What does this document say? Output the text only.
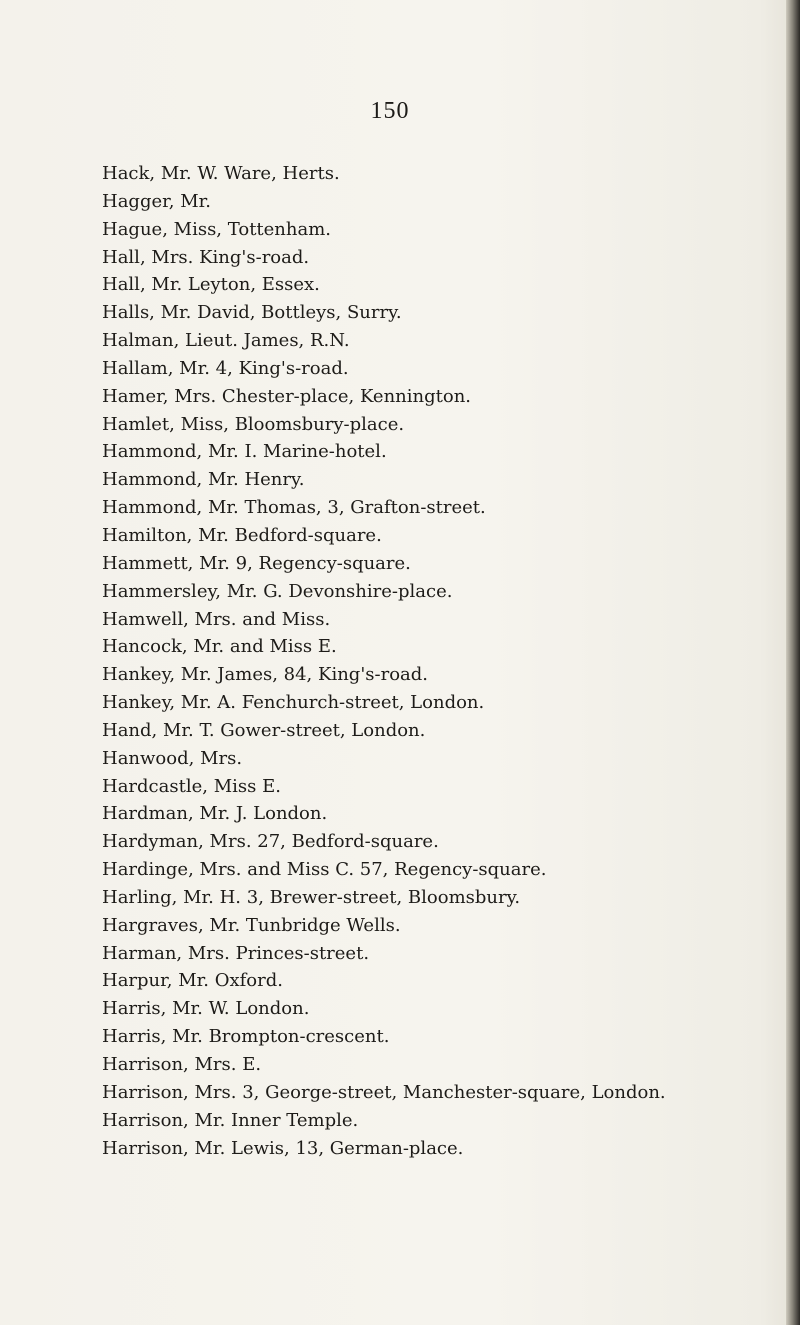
150
Hack, Mr. W. Ware, Herts.
Hagger, Mr.
Hague, Miss, Tottenham.
Hall, Mrs. King's-road.
Hall, Mr. Leyton, Essex.
Halls, Mr. David, Bottleys, Surry.
Halman, Lieut. James, R.N.
Hallam, Mr. 4, King's-road.
Hamer, Mrs. Chester-place, Kennington.
Hamlet, Miss, Bloomsbury-place.
Hammond, Mr. I. Marine-hotel.
Hammond, Mr. Henry.
Hammond, Mr. Thomas, 3, Grafton-street.
Hamilton, Mr. Bedford-square.
Hammett, Mr. 9, Regency-square.
Hammersley, Mr. G. Devonshire-place.
Hamwell, Mrs. and Miss.
Hancock, Mr. and Miss E.
Hankey, Mr. James, 84, King's-road.
Hankey, Mr. A. Fenchurch-street, London.
Hand, Mr. T. Gower-street, London.
Hanwood, Mrs.
Hardcastle, Miss E.
Hardman, Mr. J. London.
Hardyman, Mrs. 27, Bedford-square.
Hardinge, Mrs. and Miss C. 57, Regency-square.
Harling, Mr. H. 3, Brewer-street, Bloomsbury.
Hargraves, Mr. Tunbridge Wells.
Harman, Mrs. Princes-street.
Harpur, Mr. Oxford.
Harris, Mr. W. London.
Harris, Mr. Brompton-crescent.
Harrison, Mrs. E.
Harrison, Mrs. 3, George-street, Manchester-square, London.
Harrison, Mr. Inner Temple.
Harrison, Mr. Lewis, 13, German-place.
